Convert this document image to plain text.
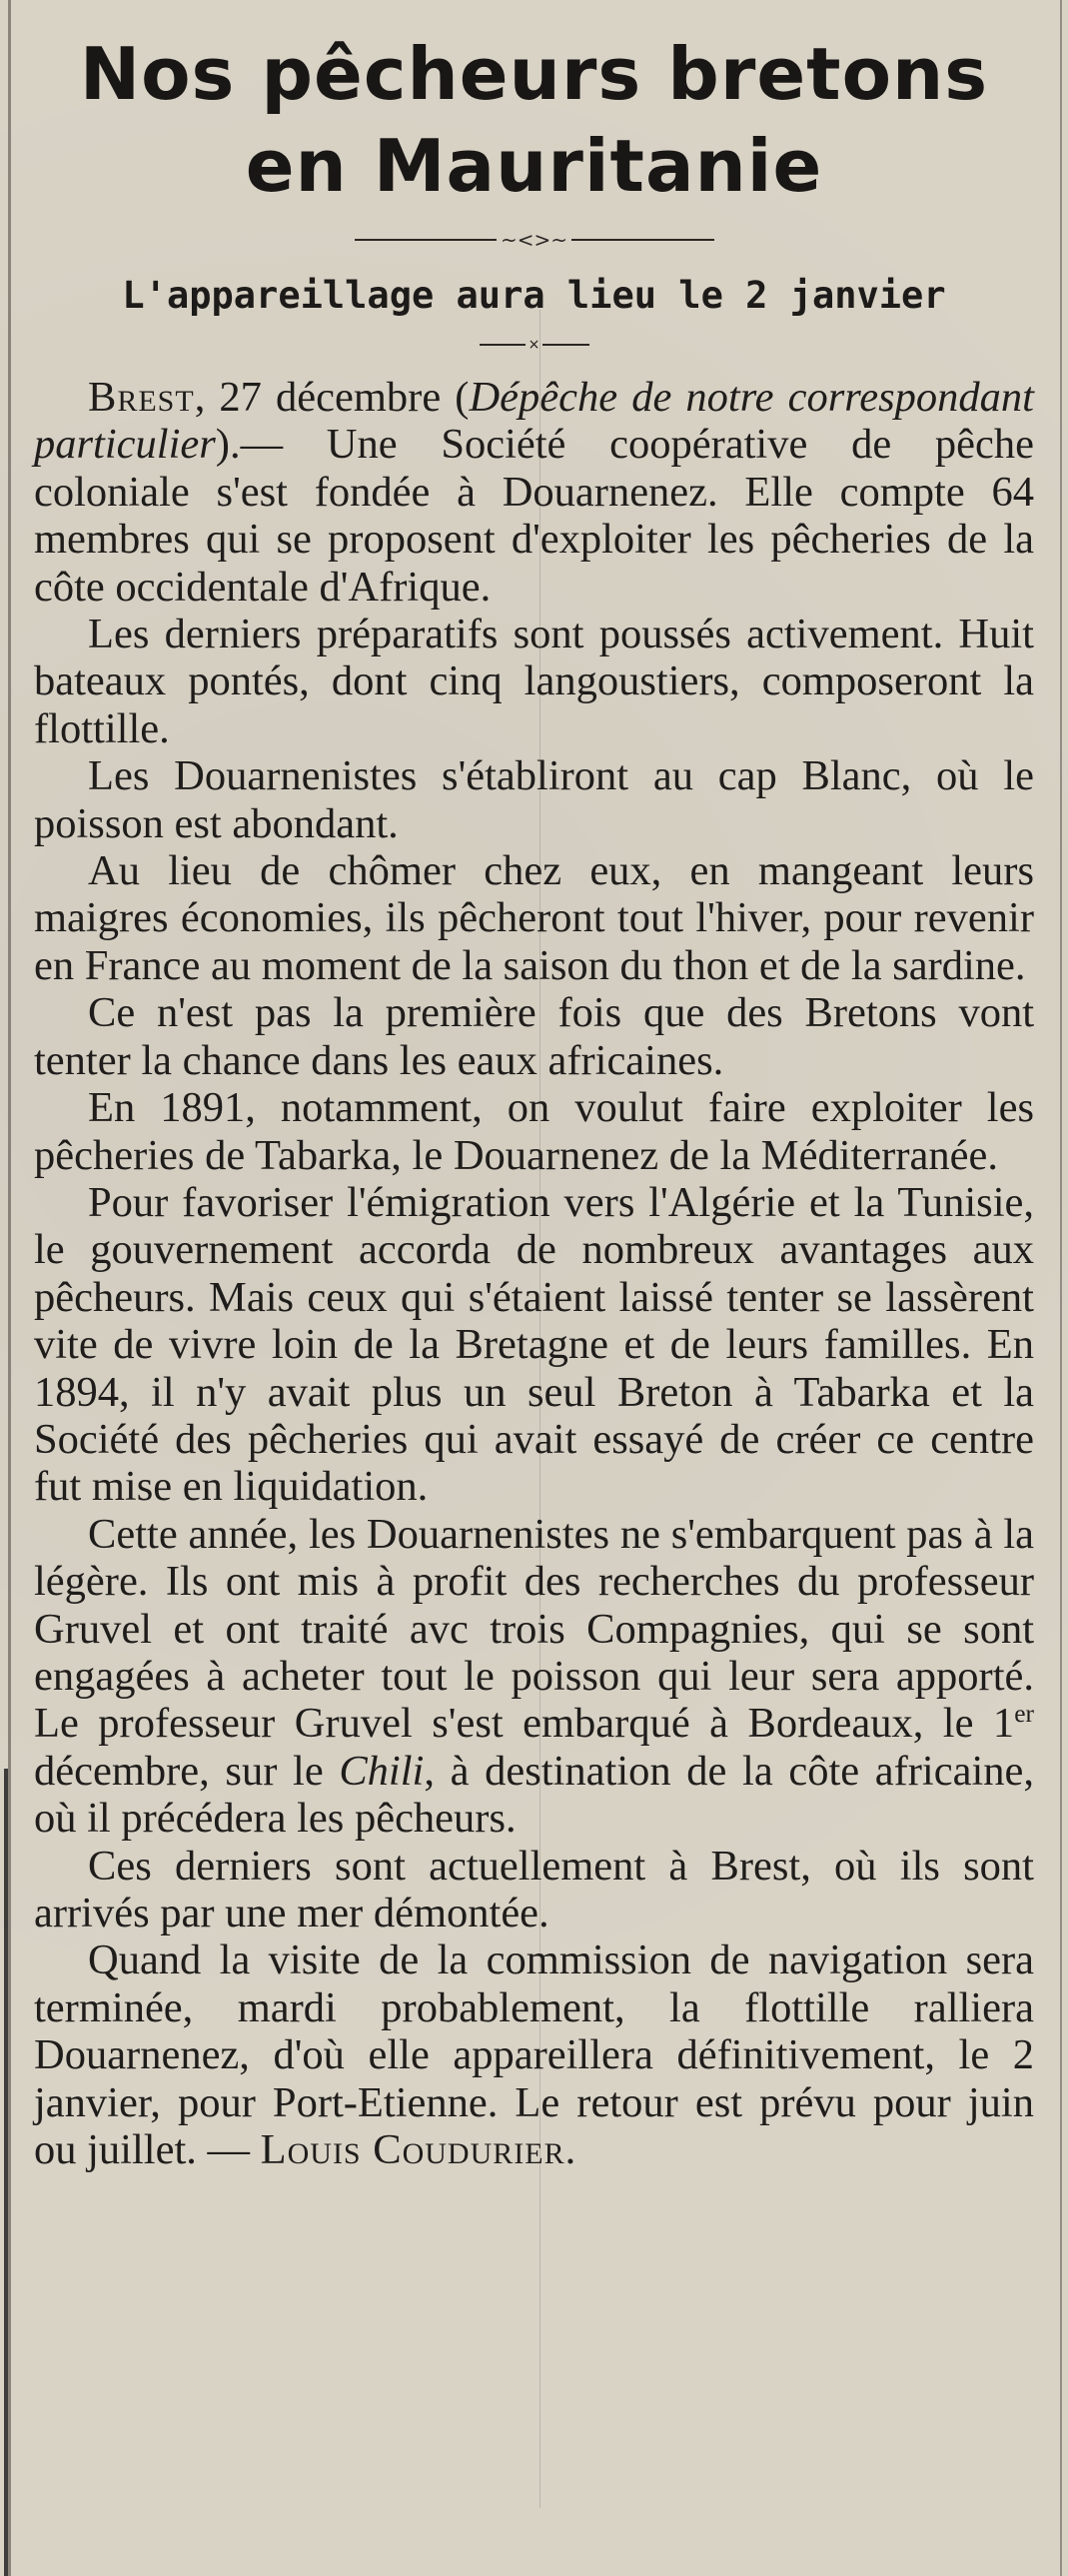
Nos pêcheurs bretons
en Mauritanie
~<>~
L'appareillage aura lieu le 2 janvier
×

Brest, 27 décembre (Dépêche de notre correspondant particulier).— Une Société coopérative de pêche coloniale s'est fondée à Douarnenez. Elle compte 64 membres qui se proposent d'exploiter les pêcheries de la côte occidentale d'Afrique.

Les derniers préparatifs sont poussés activement. Huit bateaux pontés, dont cinq langoustiers, composeront la flottille.

Les Douarnenistes s'établiront au cap Blanc, où le poisson est abondant.

Au lieu de chômer chez eux, en mangeant leurs maigres économies, ils pêcheront tout l'hiver, pour revenir en France au moment de la saison du thon et de la sardine.

Ce n'est pas la première fois que des Bretons vont tenter la chance dans les eaux africaines.

En 1891, notamment, on voulut faire exploiter les pêcheries de Tabarka, le Douarnenez de la Méditerranée.

Pour favoriser l'émigration vers l'Algérie et la Tunisie, le gouvernement accorda de nombreux avantages aux pêcheurs. Mais ceux qui s'étaient laissé tenter se lassèrent vite de vivre loin de la Bretagne et de leurs familles. En 1894, il n'y avait plus un seul Breton à Tabarka et la Société des pêcheries qui avait essayé de créer ce centre fut mise en liquidation.

Cette année, les Douarnenistes ne s'embarquent pas à la légère. Ils ont mis à profit des recherches du professeur Gruvel et ont traité avc trois Compagnies, qui se sont engagées à acheter tout le poisson qui leur sera apporté. Le professeur Gruvel s'est embarqué à Bordeaux, le 1er décembre, sur le Chili, à destination de la côte africaine, où il précédera les pêcheurs.

Ces derniers sont actuellement à Brest, où ils sont arrivés par une mer démontée.

Quand la visite de la commission de navigation sera terminée, mardi probablement, la flottille ralliera Douarnenez, d'où elle appareillera définitivement, le 2 janvier, pour Port-Etienne. Le retour est prévu pour juin ou juillet. — Louis Coudurier.
